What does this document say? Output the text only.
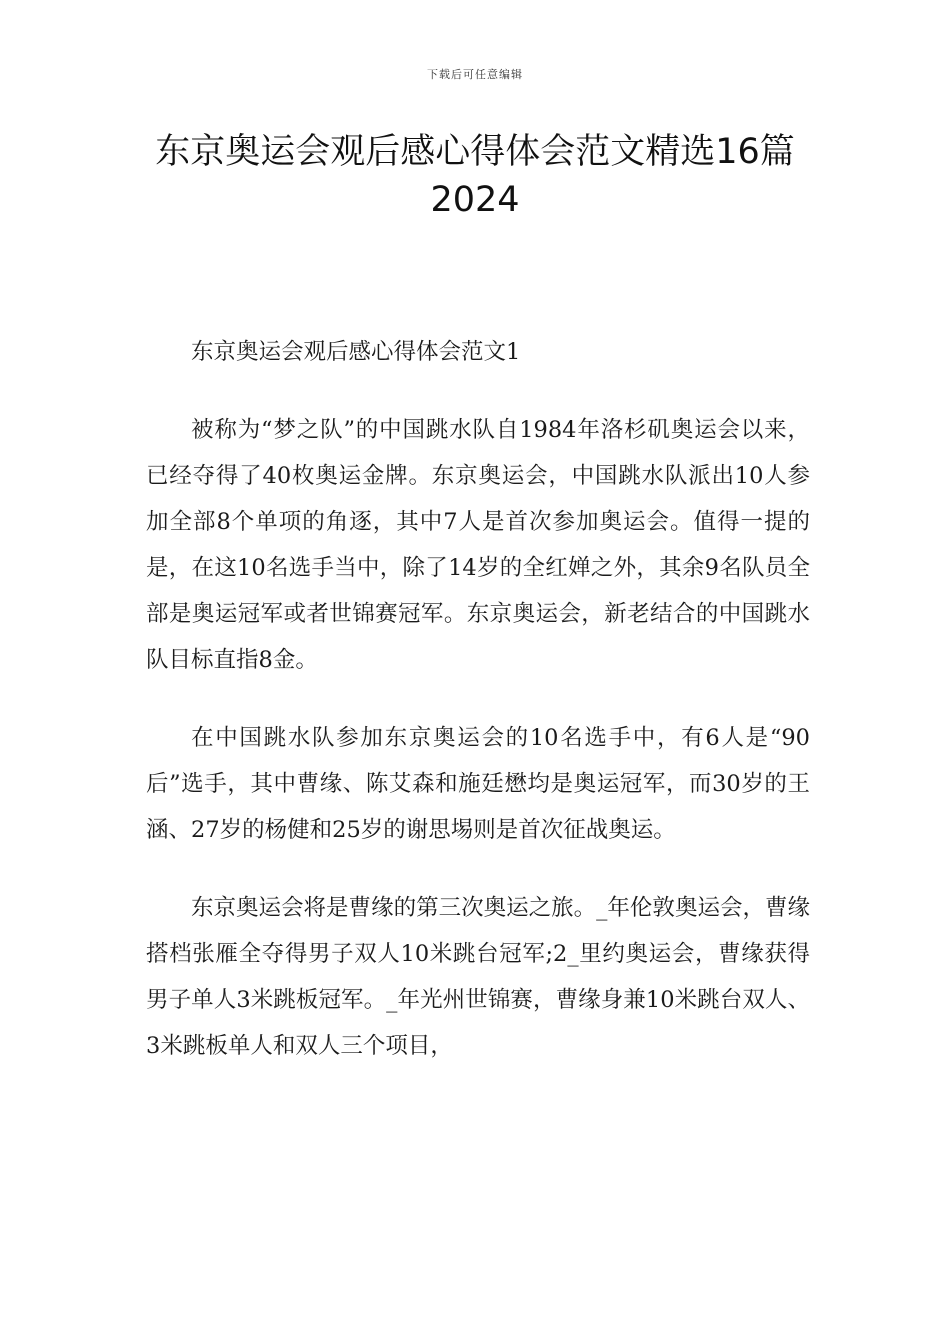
下载后可任意编辑
东京奥运会观后感心得体会范文精选16篇
2024

东京奥运会观后感心得体会范文1

被称为“梦之队”的中国跳水队自1984年洛杉矶奥运会以来，已经夺得了40枚奥运金牌。东京奥运会，中国跳水队派出10人参加全部8个单项的角逐，其中7人是首次参加奥运会。值得一提的是，在这10名选手当中，除了14岁的全红婵之外，其余9名队员全部是奥运冠军或者世锦赛冠军。东京奥运会，新老结合的中国跳水队目标直指8金。

在中国跳水队参加东京奥运会的10名选手中，有6人是“90后”选手，其中曹缘、陈艾森和施廷懋均是奥运冠军，而30岁的王涵、27岁的杨健和25岁的谢思埸则是首次征战奥运。

东京奥运会将是曹缘的第三次奥运之旅。_年伦敦奥运会，曹缘搭档张雁全夺得男子双人10米跳台冠军;2_里约奥运会，曹缘获得男子单人3米跳板冠军。_年光州世锦赛，曹缘身兼10米跳台双人、3米跳板单人和双人三个项目，
